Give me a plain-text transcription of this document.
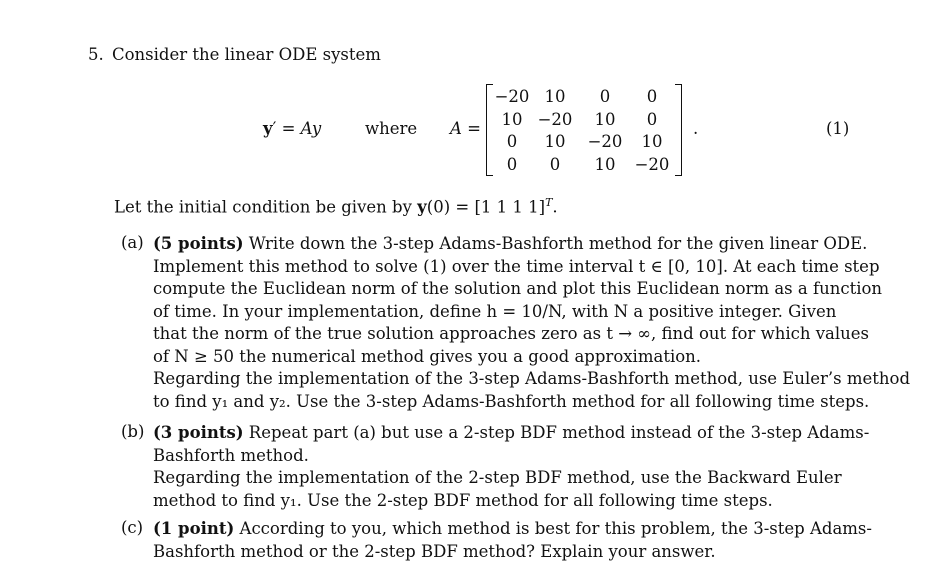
5. Consider the linear ODE system
y′ = Ay	where A =
−20	10	0	0
10	−20	10	0
0	10	−20	10
0	0	10	−20
.	(1)
Let the initial condition be given by y(0) = [1 1 1 1]$^T$.
(a) (5 points) Write down the 3-step Adams-Bashforth method for the given linear ODE.
Implement this method to solve (1) over the time interval t ∈ [0, 10]. At each time step
compute the Euclidean norm of the solution and plot this Euclidean norm as a function
of time. In your implementation, define h = 10/N, with N a positive integer. Given
that the norm of the true solution approaches zero as t → ∞, find out for which values
of N ≥ 50 the numerical method gives you a good approximation.
Regarding the implementation of the 3-step Adams-Bashforth method, use Euler’s method
to find y₁ and y₂. Use the 3-step Adams-Bashforth method for all following time steps.
(b) (3 points) Repeat part (a) but use a 2-step BDF method instead of the 3-step Adams-
Bashforth method.
Regarding the implementation of the 2-step BDF method, use the Backward Euler
method to find y₁. Use the 2-step BDF method for all following time steps.
(c) (1 point) According to you, which method is best for this problem, the 3-step Adams-
Bashforth method or the 2-step BDF method? Explain your answer.
